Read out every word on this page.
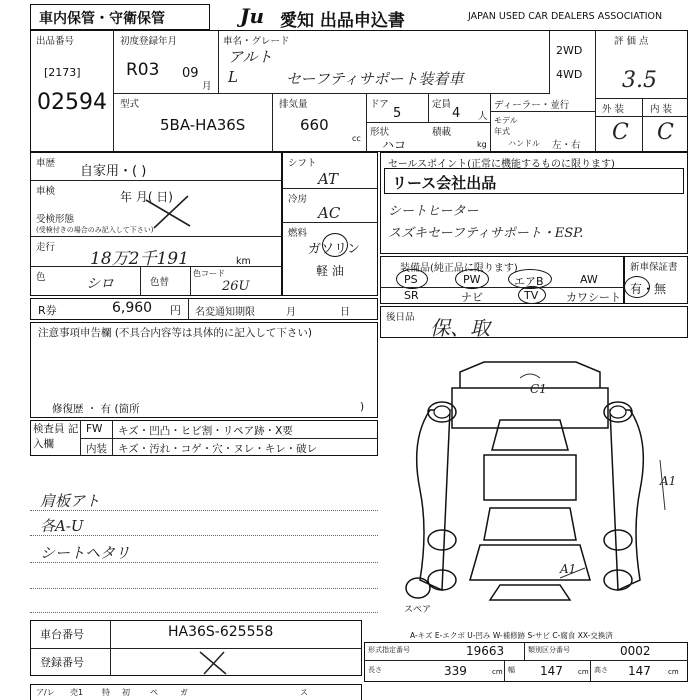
車内保管・守衛保管	Ju 愛知 出品申込書	JAPAN USED CAR DEALERS ASSOCIATION
出品番号
[2173]
02594
初度登録年月
R03 09
月
車名・グレード
アルト
L	セーフティサポート装着車
2WD
4WD
評 価 点
3.5
外 装	内 装
C C
型式
5BA-HA36S
排気量
660
cc
ドア
5
定員
4 人
形状
ハコ
積載
kg
ディーラー・並行
モデル 年式
ハンドル 左・右
車歴
自家用・( )
車検	年 月( 日)
受検形態
(受検付きの場合のみ記入して下さい)
走行
18万2千191	km
色	シロ	色替
色コード
26U
シフト
AT
冷房
AC
燃料
ガソリン
軽 油
R券	6,960 円 名変通知期限	月	日
注意事項申告欄 (不具合内容等は具体的に記入して下さい)
修復歴 ・ 有 (箇所	)
検査員 記入欄
FW キズ・凹凸・ヒビ割・リペア跡・X要
内装 キズ・汚れ・コゲ・穴・ヌレ・キレ・破レ
肩板アト
各A-U
シートヘタリ
セールスポイント(正常に機能するものに限ります)
リース会社出品
シートヒーター
スズキセーフティサポート・ESP.
装備品(純正品に限ります)
PS	PW	エアB	AW
SR	ナビ	TV	カワシート
新車保証書
有・無
後日品 保、取
C1
A1
A1
スペア
A-キズ E-エクボ U-凹み W-補修跡 S-サビ C-腐食 XX-交換済
車台番号	HA36S-625558
登録番号
形式指定番号	19663	類別区分番号	0002
長さ	339	cm 幅 147 cm 高さ 147 cm
ア/レ 売1 特 初	ペ	ガ	ス
